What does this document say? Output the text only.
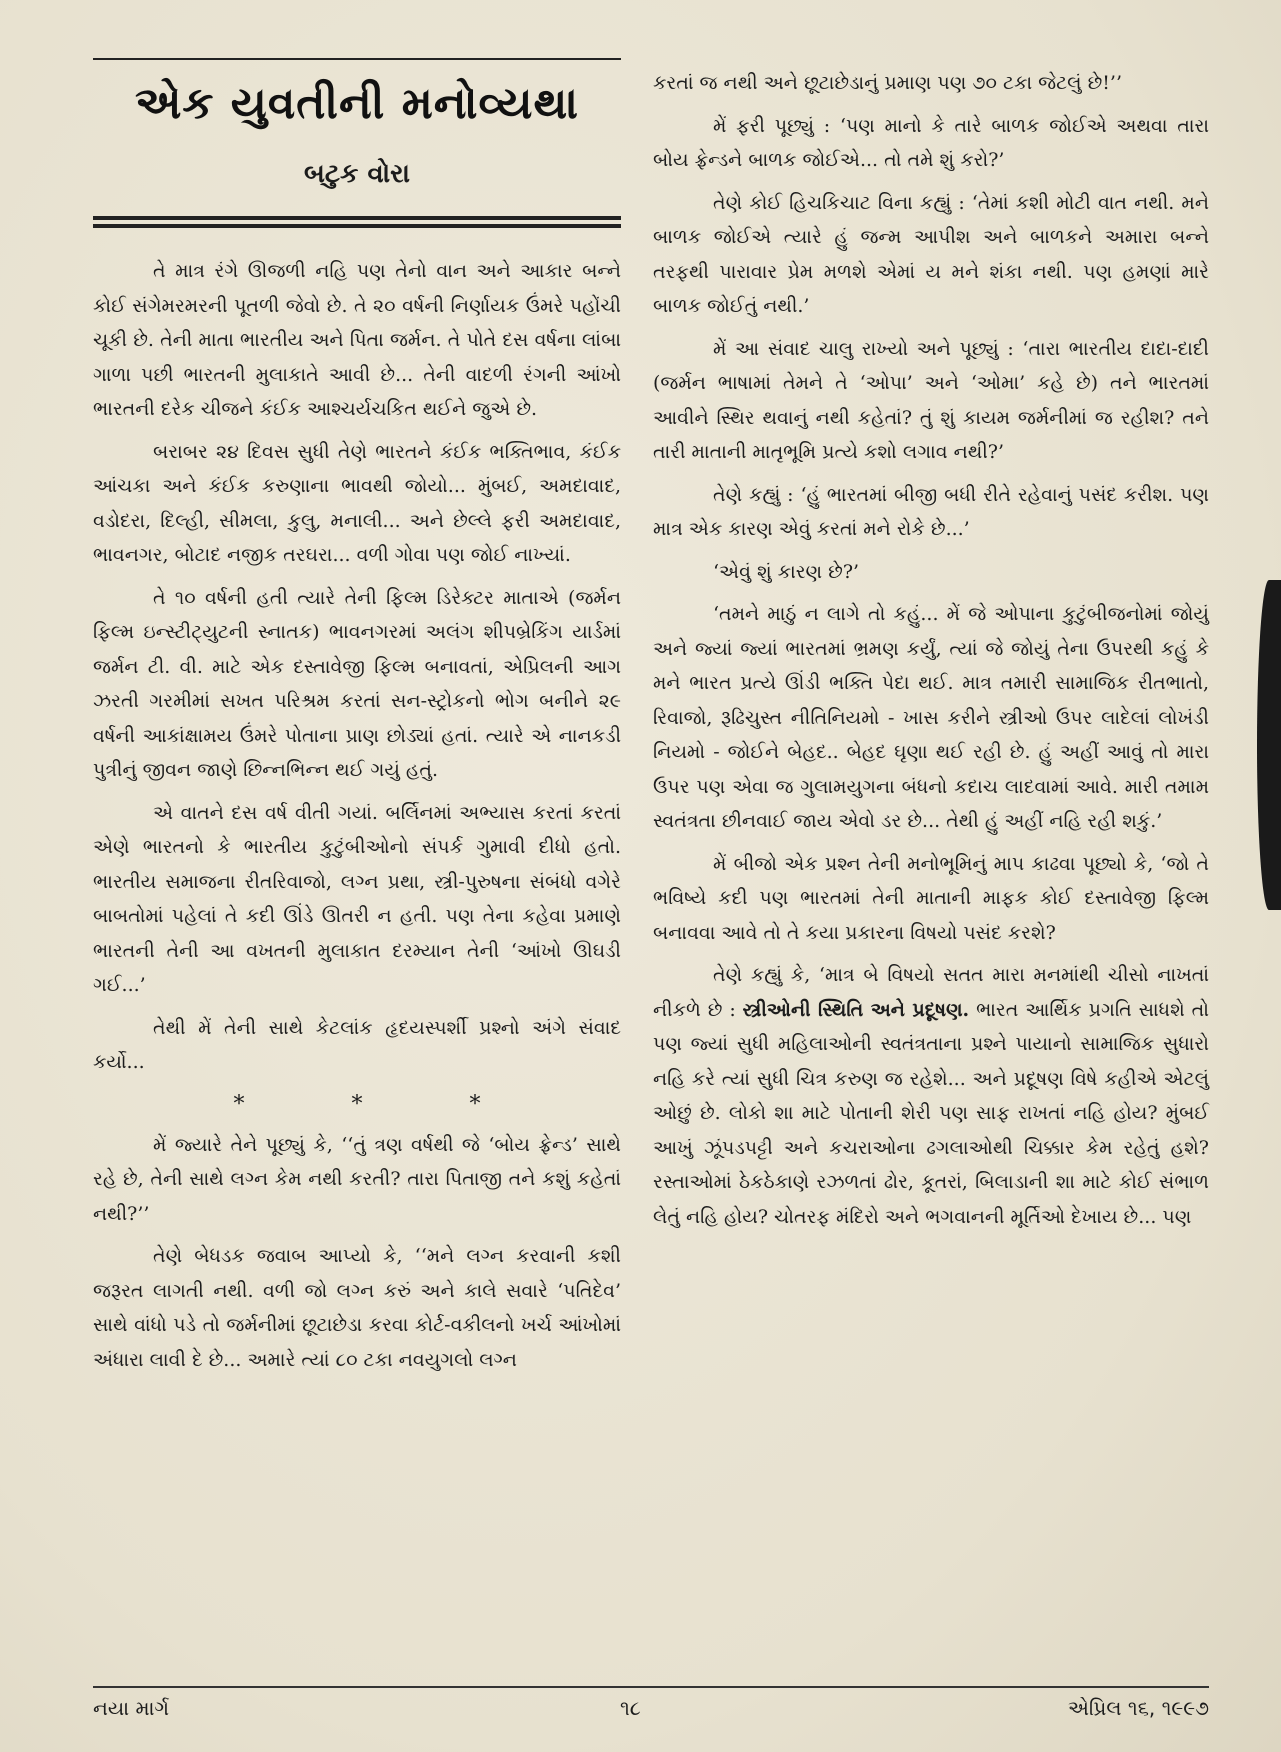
એક યુવતીની મનોવ્યથા
બટુક વોરા

તે માત્ર રંગે ઊજળી નહિ પણ તેનો વાન અને આકાર બન્ને કોઈ સંગેમરમરની પૂતળી જેવો છે. તે ૨૦ વર્ષની નિર્ણાયક ઉંમરે પહોંચી ચૂકી છે. તેની માતા ભારતીય અને પિતા જર્મન. તે પોતે દસ વર્ષના લાંબા ગાળા પછી ભારતની મુલાકાતે આવી છે... તેની વાદળી રંગની આંખો ભારતની દરેક ચીજને કંઈક આશ્ચર્યચકિત થઈને જુએ છે.

બરાબર ૨૪ દિવસ સુધી તેણે ભારતને કંઈક ભક્તિભાવ, કંઈક આંચકા અને કંઈક કરુણાના ભાવથી જોયો... મુંબઈ, અમદાવાદ, વડોદરા, દિલ્હી, સીમલા, કુલુ, મનાલી... અને છેલ્લે ફરી અમદાવાદ, ભાવનગર, બોટાદ નજીક તરઘરા... વળી ગોવા પણ જોઈ નાખ્યાં.

તે ૧૦ વર્ષની હતી ત્યારે તેની ફિલ્મ ડિરેક્ટર માતાએ (જર્મન ફિલ્મ ઇન્સ્ટીટ્યુટની સ્નાતક) ભાવનગરમાં અલંગ શીપબ્રેકિંગ યાર્ડમાં જર્મન ટી. વી. માટે એક દસ્તાવેજી ફિલ્મ બનાવતાં, એપ્રિલની આગ ઝરતી ગરમીમાં સખત પરિશ્રમ કરતાં સન-સ્ટ્રોકનો ભોગ બનીને ૨૯ વર્ષની આકાંક્ષામય ઉંમરે પોતાના પ્રાણ છોડ્યાં હતાં. ત્યારે એ નાનકડી પુત્રીનું જીવન જાણે છિન્નભિન્ન થઈ ગયું હતું.

એ વાતને દસ વર્ષ વીતી ગયાં. બર્લિનમાં અભ્યાસ કરતાં કરતાં એણે ભારતનો કે ભારતીય કુટુંબીઓનો સંપર્ક ગુમાવી દીધો હતો. ભારતીય સમાજના રીતરિવાજો, લગ્ન પ્રથા, સ્ત્રી-પુરુષના સંબંધો વગેરે બાબતોમાં પહેલાં તે કદી ઊંડે ઊતરી ન હતી. પણ તેના કહેવા પ્રમાણે ભારતની તેની આ વખતની મુલાકાત દરમ્યાન તેની ‘આંખો ઊઘડી ગઈ...’

તેથી મેં તેની સાથે કેટલાંક હૃદયસ્પર્શી પ્રશ્નો અંગે સંવાદ કર્યો...

* * *

મેં જ્યારે તેને પૂછ્યું કે, ‘‘તું ત્રણ વર્ષથી જે ‘બોય ફ્રેન્ડ’ સાથે રહે છે, તેની સાથે લગ્ન કેમ નથી કરતી? તારા પિતાજી તને કશું કહેતાં નથી?’’

તેણે બેધડક જવાબ આપ્યો કે, ‘‘મને લગ્ન કરવાની કશી જરૂરત લાગતી નથી. વળી જો લગ્ન કરું અને કાલે સવારે ‘પતિદેવ’ સાથે વાંધો પડે તો જર્મનીમાં છૂટાછેડા કરવા કોર્ટ-વકીલનો ખર્ચ આંખોમાં અંધારા લાવી દે છે... અમારે ત્યાં ૮૦ ટકા નવયુગલો લગ્ન

કરતાં જ નથી અને છૂટાછેડાનું પ્રમાણ પણ ૭૦ ટકા જેટલું છે!’’

મેં ફરી પૂછ્યું : ‘પણ માનો કે તારે બાળક જોઈએ અથવા તારા બોય ફ્રેન્ડને બાળક જોઈએ... તો તમે શું કરો?’

તેણે કોઈ હિચકિચાટ વિના કહ્યું : ‘તેમાં કશી મોટી વાત નથી. મને બાળક જોઈએ ત્યારે હું જન્મ આપીશ અને બાળકને અમારા બન્ને તરફથી પારાવાર પ્રેમ મળશે એમાં ય મને શંકા નથી. પણ હમણાં મારે બાળક જોઈતું નથી.’

મેં આ સંવાદ ચાલુ રાખ્યો અને પૂછ્યું : ‘તારા ભારતીય દાદા-દાદી (જર્મન ભાષામાં તેમને તે ‘ઓપા’ અને ‘ઓમા’ કહે છે) તને ભારતમાં આવીને સ્થિર થવાનું નથી કહેતાં? તું શું કાયમ જર્મનીમાં જ રહીશ? તને તારી માતાની માતૃભૂમિ પ્રત્યે કશો લગાવ નથી?’

તેણે કહ્યું : ‘હું ભારતમાં બીજી બધી રીતે રહેવાનું પસંદ કરીશ. પણ માત્ર એક કારણ એવું કરતાં મને રોકે છે...’

‘એવું શું કારણ છે?’

‘તમને માઠું ન લાગે તો કહું... મેં જે ઓપાના કુટુંબીજનોમાં જોયું અને જ્યાં જ્યાં ભારતમાં ભ્રમણ કર્યું, ત્યાં જે જોયું તેના ઉપરથી કહું કે મને ભારત પ્રત્યે ઊંડી ભક્તિ પેદા થઈ. માત્ર તમારી સામાજિક રીતભાતો, રિવાજો, રૂઢિચુસ્ત નીતિનિયમો - ખાસ કરીને સ્ત્રીઓ ઉપર લાદેલાં લોખંડી નિયમો - જોઈને બેહદ.. બેહદ ઘૃણા થઈ રહી છે. હું અહીં આવું તો મારા ઉપર પણ એવા જ ગુલામયુગના બંધનો કદાચ લાદવામાં આવે. મારી તમામ સ્વતંત્રતા છીનવાઈ જાય એવો ડર છે... તેથી હું અહીં નહિ રહી શકું.’

મેં બીજો એક પ્રશ્ન તેની મનોભૂમિનું માપ કાઢવા પૂછ્યો કે, ‘જો તે ભવિષ્યે કદી પણ ભારતમાં તેની માતાની માફક કોઈ દસ્તાવેજી ફિલ્મ બનાવવા આવે તો તે કયા પ્રકારના વિષયો પસંદ કરશે?

તેણે કહ્યું કે, ‘માત્ર બે વિષયો સતત મારા મનમાંથી ચીસો નાખતાં નીકળે છે : સ્ત્રીઓની સ્થિતિ અને પ્રદૂષણ. ભારત આર્થિક પ્રગતિ સાધશે તો પણ જ્યાં સુધી મહિલાઓની સ્વતંત્રતાના પ્રશ્ને પાયાનો સામાજિક સુધારો નહિ કરે ત્યાં સુધી ચિત્ર કરુણ જ રહેશે... અને પ્રદૂષણ વિષે કહીએ એટલું ઓછું છે. લોકો શા માટે પોતાની શેરી પણ સાફ રાખતાં નહિ હોય? મુંબઈ આખું ઝૂંપડપટ્ટી અને કચરાઓના ઢગલાઓથી ચિક્કાર કેમ રહેતું હશે? રસ્તાઓમાં ઠેકઠેકાણે રઝળતાં ઢોર, કૂતરાં, બિલાડાની શા માટે કોઈ સંભાળ લેતું નહિ હોય? ચોતરફ મંદિરો અને ભગવાનની મૂર્તિઓ દેખાય છે... પણ

નયા માર્ગ	૧૮	એપ્રિલ ૧૬, ૧૯૯૭
